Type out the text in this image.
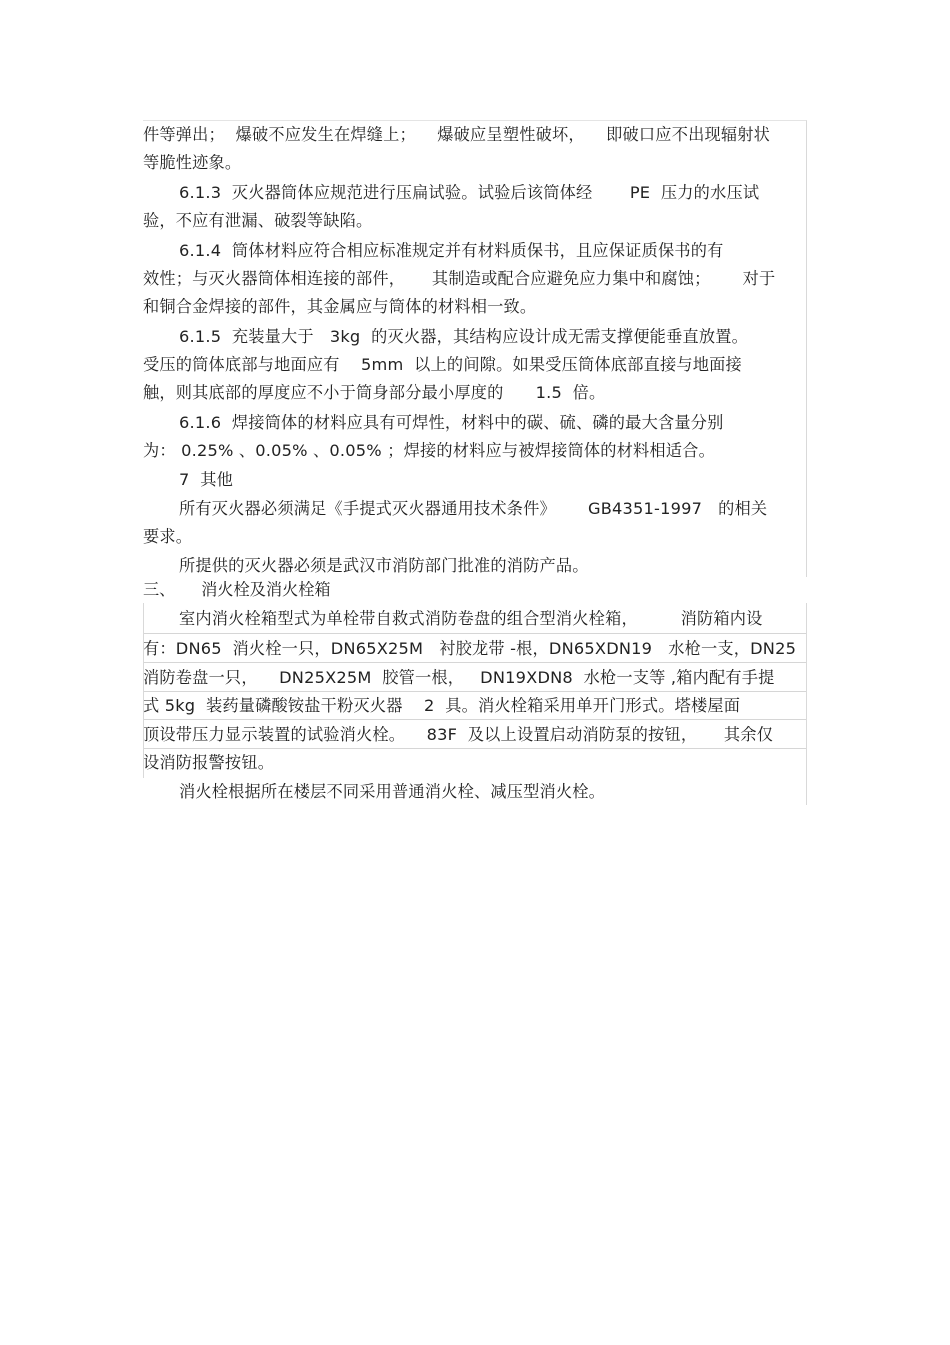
件等弹出；  爆破不应发生在焊缝上；    爆破应呈塑性破坏，    即破口应不出现辐射状
等脆性迹象。
6.1.3  灭火器筒体应规范进行压扁试验。试验后该筒体经       PE  压力的水压试
验，不应有泄漏、破裂等缺陷。
6.1.4  筒体材料应符合相应标准规定并有材料质保书，且应保证质保书的有
效性；与灭火器筒体相连接的部件，     其制造或配合应避免应力集中和腐蚀；      对于
和铜合金焊接的部件，其金属应与筒体的材料相一致。
6.1.5  充装量大于   3kg  的灭火器，其结构应设计成无需支撑便能垂直放置。
受压的筒体底部与地面应有    5mm  以上的间隙。如果受压筒体底部直接与地面接
触，则其底部的厚度应不小于筒身部分最小厚度的      1.5  倍。
6.1.6  焊接筒体的材料应具有可焊性，材料中的碳、硫、磷的最大含量分别
为： 0.25% 、0.05% 、0.05% ；焊接的材料应与被焊接筒体的材料相适合。
7  其他
所有灭火器必须满足《手提式灭火器通用技术条件》      GB4351-1997   的相关
要求。
所提供的灭火器必须是武汉市消防部门批准的消防产品。
三、     消火栓及消火栓箱
室内消火栓箱型式为单栓带自救式消防卷盘的组合型消火栓箱，        消防箱内设
有：DN65  消火栓一只，DN65X25M   衬胶龙带 -根，DN65XDN19   水枪一支，DN25
消防卷盘一只，    DN25X25M  胶管一根，   DN19XDN8  水枪一支等 ,箱内配有手提
式 5kg  装药量磷酸铵盐干粉灭火器    2  具。消火栓箱采用单开门形式。塔楼屋面
顶设带压力显示装置的试验消火栓。    83F  及以上设置启动消防泵的按钮，     其余仅
设消防报警按钮。
消火栓根据所在楼层不同采用普通消火栓、减压型消火栓。
